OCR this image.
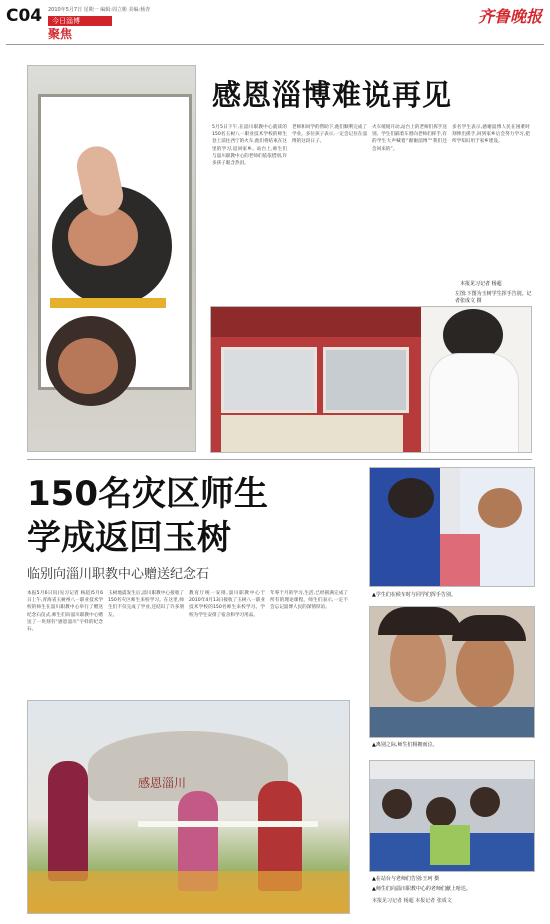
C04	2010年5月7日 星期一 编辑:周立彬 美编:杨青
今日淄博
聚焦
齐鲁晚报
感恩淄博难说再见
5月5日下午,在淄川职教中心就读的150名玉树八一职业技术学校的师生登上前往西宁的火车,他们将结束在这里的学习,返回家乡。站台上,师生们与淄川职教中心的老师们依依惜别,许多孩子眼含热泪。
老师和同学的帮助下,他们顺利完成了学业。多位孩子表示,一定会记住在淄博的这段日子。
火车缓缓开动,站台上的老师们挥手送别。学生们隔着车窗向老师们挥手,有的学生大声喊着“谢谢淄博”“我们还会回来的”。
多名学生表示,感谢淄博人民在困难时刻伸出援手,回到家乡后会努力学习,把所学知识用于家乡建设。
本报见习记者 杨超
左图:下图为玉树学生挥手告别。记者张成文 摄
150名灾区师生
学成返回玉树
临别向淄川职教中心赠送纪念石
本报5月6日讯(见习记者 杨超)5月6日上午,青海省玉树州八一职业技术学校的师生在淄川职教中心举行了赠送纪念石仪式,师生们向淄川职教中心赠送了一块刻有“感恩淄川”字样的纪念石。
玉树地震发生后,淄川职教中心接收了150名灾区师生来校学习。在这里,师生们不仅完成了学业,还结识了许多朋友。
教育厅统一安排,淄川职教中心于2010年4月13日接收了玉树八一职业技术学校的150名师生来校学习。学校为学生安排了宿舍和学习用品。
年零个月的学习,生活,已经圆满完成了所有的理论课程。师生们表示,一定不会忘记淄博人民的深情厚谊。
感恩淄川
▲学生们在候车时与同学们挥手告别。
▲离别之际,师生们相拥而泣。
▲在站台与老师们告别:王珂 摄
▲师生们向淄川职教中心的老师们献上哈达。
本报见习记者 杨超 本报记者 张成文
